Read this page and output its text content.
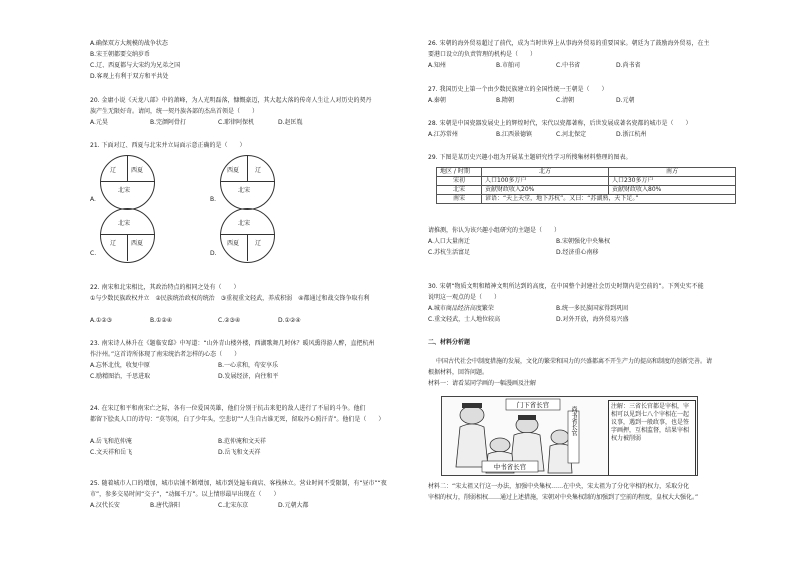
A.确保双方大规模的战争状态
B.宋王朝都要交纳岁币
C.辽、西夏都与大宋约为兄弟之国
D.客观上有利于双方和平共处
20. 金庸小说《天龙八部》中的萧峰，为人光明磊落，慷慨豪迈，其大起大落的传奇人生让人对历史的契丹
族产生无限好奇。请问，统一契丹族各部的杰出首领是（　　）
A.元昊	B.完颜阿骨打	C.耶律阿保机	D.赵匡胤
21. 下面对辽、西夏与北宋并立局面示意正确的是（　　）
辽 西夏
北宋
A.
西夏	辽
北宋
B.
北宋
辽 西夏
C.
北宋
西夏	辽
D.
22. 南宋和北宋相比，其政治特点的相同之处有（　　）
①与少数民族政权并立　②民族统治政权的统治　③重视重文轻武，养成积弱　④都通过和战交锋争取有利
A.①②③	B.①②④	C.②③④	D.①②④
23. 南宋诗人林升在《题临安邸》中写道：“山外青山楼外楼，西湖歌舞几时休？暖风熏得游人醉，直把杭州
作汴州。”这首诗所体现了南宋统治者怎样的心态（　　）
A.忘怀北伐，收复中原	B.一心求和，苟安享乐
C.励精图治，千思进取	D.发展经济，向往和平
24. 在宋辽和平和南宋亡之际，各有一位爱国英雄，他们分别于抗击来犯的敌人进行了不屈的斗争。他们
都留下脍炙人口的诗句：“莫等闲，白了少年头，空悲切”“人生自古谁无死，留取丹心照汗青”。他们是（　　）
A.岳飞和范仲淹	B.范仲淹和文天祥
C.文天祥和岳飞	D.岳飞和文天祥
25. 随着城市人口的增加，城市店铺不断增加，城市到处遍布商店、客栈林立。营业时间不受限制，有“昼市”“夜
市”，参多交易时间“交子”，“动辄千万”。以上情形最早出现在（　　）
A.汉代长安	B.唐代洛阳	C.北宋东京	D.元朝大都
26. 宋朝的海外贸易超过了前代，成为当时世界上从事海外贸易的重要国家。朝廷为了鼓励海外贸易，在主
要港口设立的负责管理的机构是（　　）
A.知州	B.市舶司	C.中书省	D.尚书省
27. 我国历史上第一个由少数民族建立的全国性统一王朝是（　　）
A.秦朝	B.隋朝	C.清朝	D.元朝
28. 宋朝是中国瓷器发展史上的辉煌时代，宋代以瓷都著称，后世发展成著名瓷都的城市是（　　）
A.江苏常州	B.江西景德镇	C.河北保定	D.浙江杭州
29. 下图是某历史兴趣小组为开展某主题研究性学习所搜集材料整理的图表。
地区 / 时期	北方	南方
宋初	人口100多万户	人口230多万户
北宋	贡献财政收入20%	贡献财政收入80%
南宋	谚语：“天上天堂，地下苏杭”。又曰：“苏湖熟，天下足。”	
请推测，你认为该兴趣小组研究的主题是（　　）
A.人口大量南迁	B.宋朝强化中央集权
C.苏杭生活富足	D.经济重心南移
30. 宋朝“物质文明和精神文明所达到的高度，在中国整个封建社会历史时期内是空前的”。下列史实不能
说明这一观点的是（　　）
A.城市商品经济高度繁荣	B.统一多民族国家得到巩固
C.重文轻武，士人地位较高	D.对外开放，海外贸易兴盛
二、材料分析题
中国古代社会中制度措施的发展，文化的繁荣和国力的兴盛都离不开生产力的提高和制度的创新完善。请
根据材料，回答问题。
材料一：请看某同学画的一幅漫画及注解
门下省长官
尚书省长官
中书省长官
注解：三省长官都是宰相，宰相可以见到七八个宰相在一起议事，遇到一般政事，也是签字画押，互相监督，结果宰相权力被削弱
材料二：“宋太祖又行这一办法，加强中央集权……在中央，宋太祖为了分化宰相的权力，采取分化
宰相的权力，削弱相权……通过上述措施，宋朝对中央集权制的加强到了空前的程度，皇权大大强化。”
